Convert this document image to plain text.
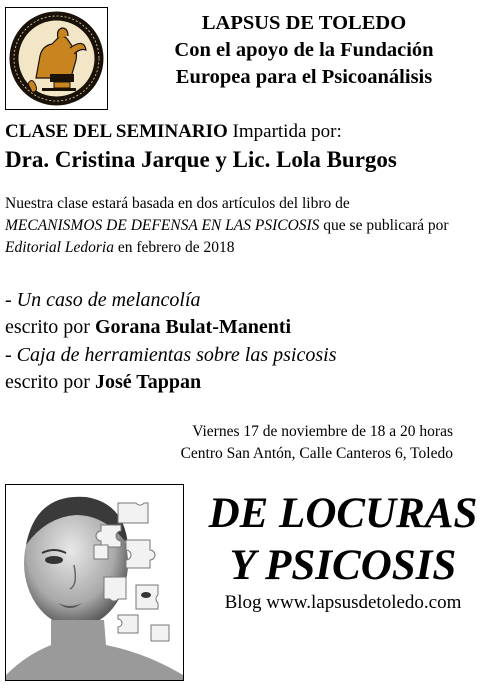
LAPSUS DE TOLEDO
Con el apoyo de la Fundación
Europea para el Psicoanálisis
CLASE DEL SEMINARIO Impartida por:
Dra. Cristina Jarque y Lic. Lola Burgos
Nuestra clase estará basada en dos artículos del libro de
MECANISMOS DE DEFENSA EN LAS PSICOSIS que se publicará por Editorial Ledoria en febrero de 2018
- Un caso de melancolía
escrito por Gorana Bulat-Manenti
- Caja de herramientas sobre las psicosis
escrito por José Tappan
Viernes 17 de noviembre de 18 a 20 horas
Centro San Antón, Calle Canteros 6, Toledo
DE LOCURAS
Y PSICOSIS
Blog www.lapsusdetoledo.com
